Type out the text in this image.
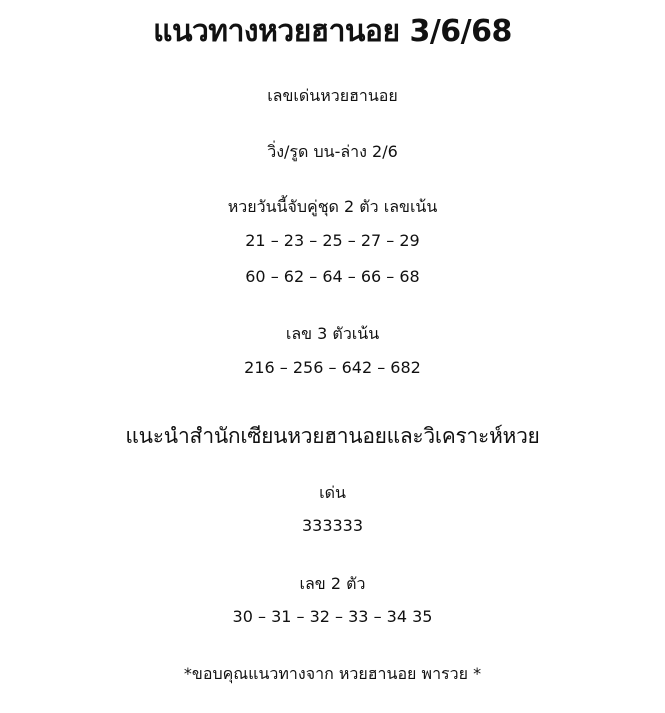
แนวทางหวยฮานอย 3/6/68
เลขเด่นหวยฮานอย
วิ่ง/รูด บน-ล่าง 2/6
หวยวันนี้จับคู่ชุด 2 ตัว เลขเน้น
21 – 23 – 25 – 27 – 29
60 – 62 – 64 – 66 – 68
เลข 3 ตัวเน้น
216 – 256 – 642 – 682
แนะนำสำนักเซียนหวยฮานอยและวิเคราะห์หวย
เด่น
333333
เลข 2 ตัว
30 – 31 – 32 – 33 – 34 35
*ขอบคุณแนวทางจาก หวยฮานอย พารวย *
